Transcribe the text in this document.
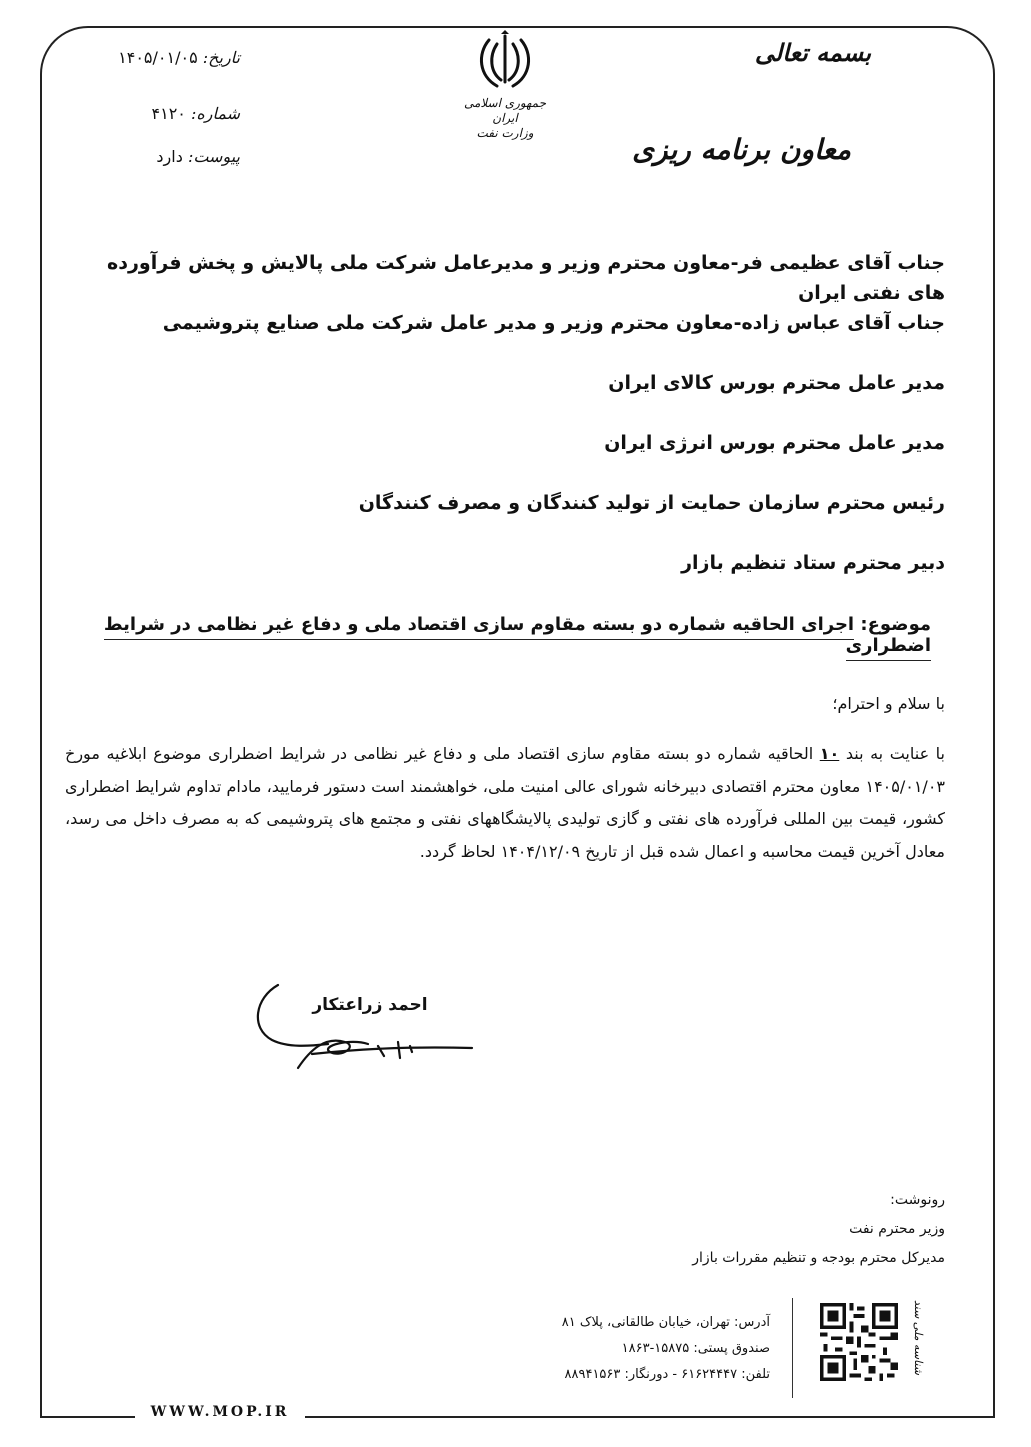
WWW.MOP.IR
بسمه تعالی
معاون برنامه ریزی
جمهوری اسلامی ایران
وزارت نفت
تاریخ: ۱۴۰۵/۰۱/۰۵
شماره: ۴۱۲۰
پیوست: دارد
جناب آقای عظیمی فر-معاون محترم وزیر و مدیرعامل شرکت ملی پالایش و پخش فرآورده های نفتی ایران
جناب آقای عباس زاده-معاون محترم وزیر و مدیر عامل شرکت ملی صنایع پتروشیمی
مدیر عامل محترم بورس کالای ایران
مدیر عامل محترم بورس انرژی ایران
رئیس محترم سازمان حمایت از تولید کنندگان و مصرف کنندگان
دبیر محترم ستاد تنظیم بازار
موضوع: اجرای الحاقیه شماره دو بسته مقاوم سازی اقتصاد ملی و دفاع غیر نظامی در شرایط اضطراری
با سلام و احترام؛
با عنایت به بند ۱۰ الحاقیه شماره دو بسته مقاوم سازی اقتصاد ملی و دفاع غیر نظامی در شرایط اضطراری موضوع ابلاغیه مورخ ۱۴۰۵/۰۱/۰۳ معاون محترم اقتصادی دبیرخانه شورای عالی امنیت ملی، خواهشمند است دستور فرمایید، مادام تداوم شرایط اضطراری کشور، قیمت بین المللی فرآورده های نفتی و گازی تولیدی پالایشگاههای نفتی و مجتمع های پتروشیمی که به مصرف داخل می رسد، معادل آخرین قیمت محاسبه و اعمال شده قبل از تاریخ ۱۴۰۴/۱۲/۰۹ لحاظ گردد.
احمد زراعتکار
رونوشت:
وزیر محترم نفت
مدیرکل محترم بودجه و تنظیم مقررات بازار
آدرس: تهران، خیابان طالقانی، پلاک ۸۱
صندوق پستی: ۱۵۸۷۵-۱۸۶۳
تلفن: ۶۱۶۲۴۴۴۷ - دورنگار: ۸۸۹۴۱۵۶۳	شناسه ملی سند
